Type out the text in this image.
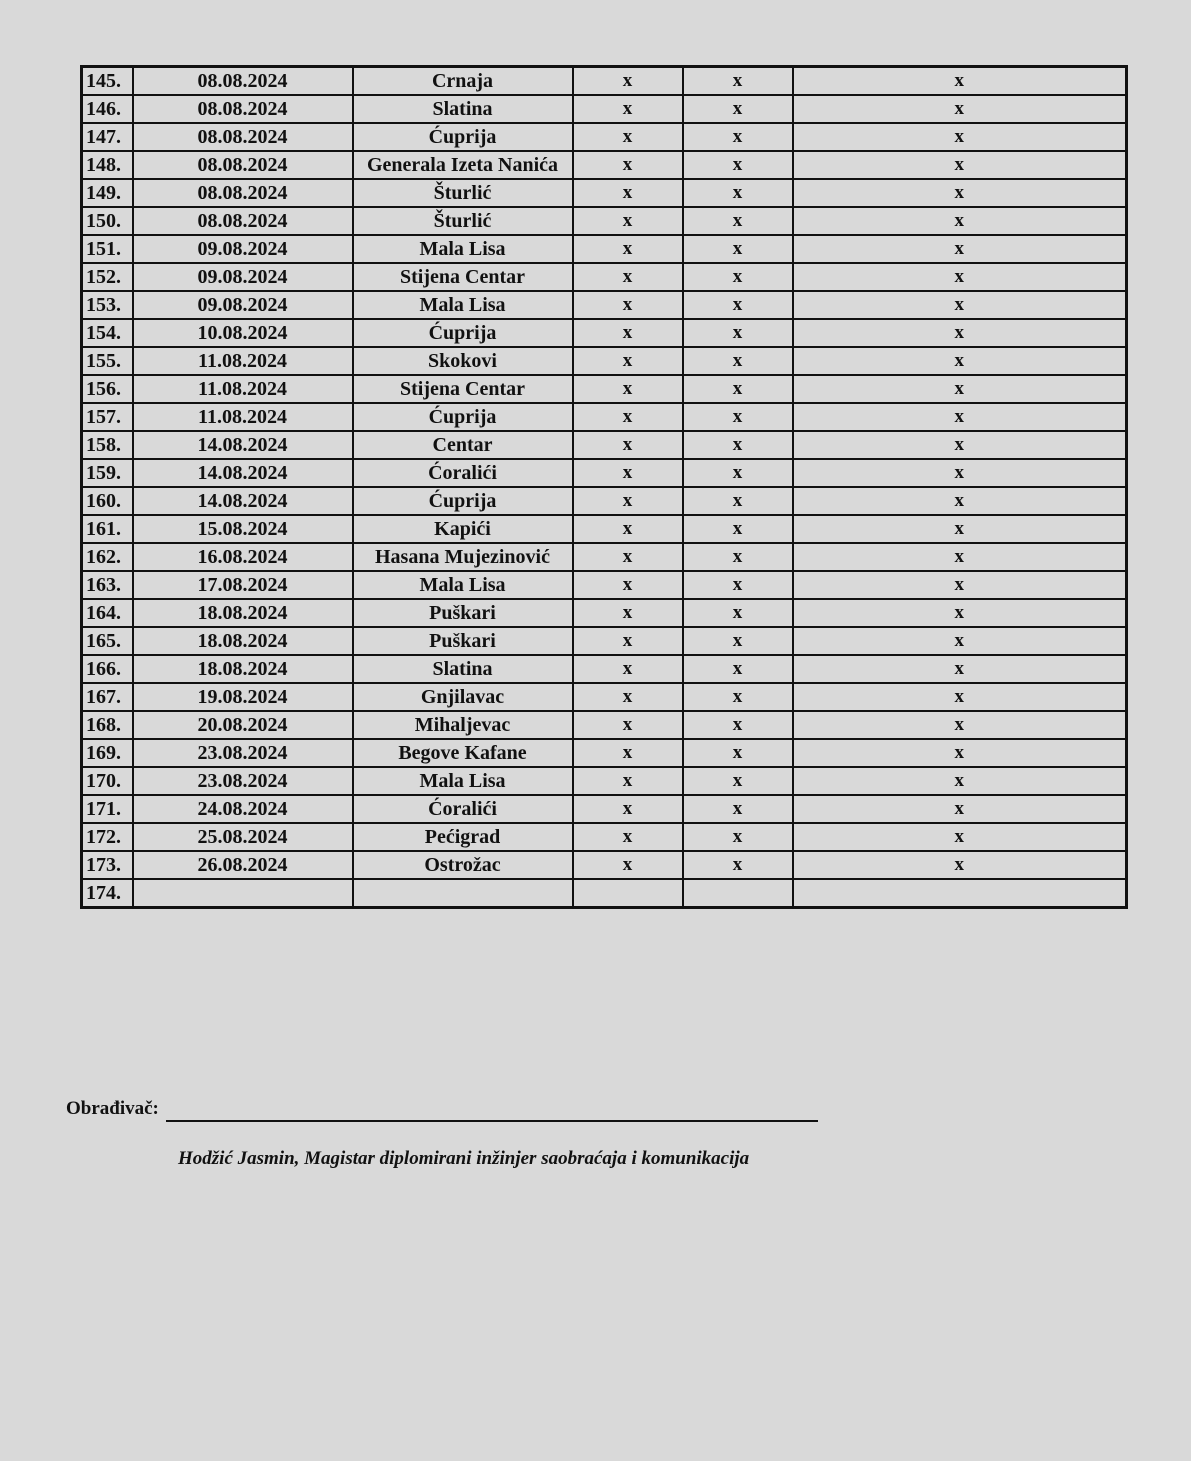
145.	08.08.2024	Crnaja	x	x	x
146.	08.08.2024	Slatina	x	x	x
147.	08.08.2024	Ćuprija	x	x	x
148.	08.08.2024	Generala Izeta Nanića	x	x	x
149.	08.08.2024	Šturlić	x	x	x
150.	08.08.2024	Šturlić	x	x	x
151.	09.08.2024	Mala Lisa	x	x	x
152.	09.08.2024	Stijena Centar	x	x	x
153.	09.08.2024	Mala Lisa	x	x	x
154.	10.08.2024	Ćuprija	x	x	x
155.	11.08.2024	Skokovi	x	x	x
156.	11.08.2024	Stijena Centar	x	x	x
157.	11.08.2024	Ćuprija	x	x	x
158.	14.08.2024	Centar	x	x	x
159.	14.08.2024	Ćoralići	x	x	x
160.	14.08.2024	Ćuprija	x	x	x
161.	15.08.2024	Kapići	x	x	x
162.	16.08.2024	Hasana Mujezinović	x	x	x
163.	17.08.2024	Mala Lisa	x	x	x
164.	18.08.2024	Puškari	x	x	x
165.	18.08.2024	Puškari	x	x	x
166.	18.08.2024	Slatina	x	x	x
167.	19.08.2024	Gnjilavac	x	x	x
168.	20.08.2024	Mihaljevac	x	x	x
169.	23.08.2024	Begove Kafane	x	x	x
170.	23.08.2024	Mala Lisa	x	x	x
171.	24.08.2024	Ćoralići	x	x	x
172.	25.08.2024	Pećigrad	x	x	x
173.	26.08.2024	Ostrožac	x	x	x
174.					
Obrađivač:
Hodžić Jasmin, Magistar diplomirani inžinjer saobraćaja i komunikacija
